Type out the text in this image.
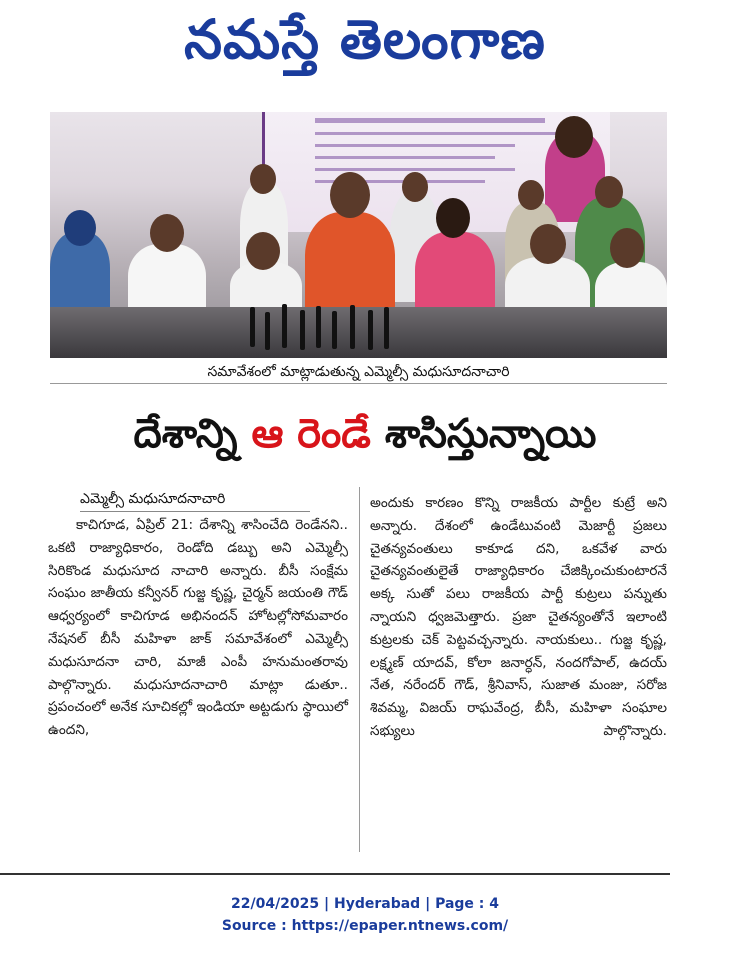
నమస్తే తెలంగాణ
సమావేశంలో మాట్లాడుతున్న ఎమ్మెల్సీ మధుసూదనాచారి
దేశాన్ని ఆ రెండే శాసిస్తున్నాయి
ఎమ్మెల్సీ మధుసూదనాచారి
కాచిగూడ, ఏప్రిల్ 21: దేశాన్ని శాసించేది రెండేనని.. ఒకటి రాజ్యాధికారం, రెండోది డబ్బు అని ఎమ్మెల్సీ సిరికొండ మధుసూద నాచారి అన్నారు. బీసీ సంక్షేమ సంఘం జాతీయ కన్వీనర్ గుజ్జ కృష్ణ, చైర్మన్ జయంతి గౌడ్ ఆధ్వర్యంలో కాచిగూడ అభినందన్ హోటల్లోసోమవారం నేషనల్ బీసీ మహిళా జాక్ సమావేశంలో ఎమ్మెల్సీ మధుసూదనా చారి, మాజీ ఎంపీ హనుమంతరావు పాల్గొన్నారు. మధుసూదనాచారి మాట్లా డుతూ.. ప్రపంచంలో అనేక సూచికల్లో ఇండియా అట్టడుగు స్థాయిలో ఉందని,
అందుకు కారణం కొన్ని రాజకీయ పార్టీల కుట్రే అని అన్నారు. దేశంలో ఉండేటువంటి మెజార్టీ ప్రజలు చైతన్యవంతులు కాకూడ దని, ఒకవేళ వారు చైతన్యవంతులైతే రాజ్యాధికారం చేజిక్కించుకుంటారనే అక్క సుతో పలు రాజకీయ పార్టీ కుట్రలు పన్నుతు న్నాయని ధ్వజమెత్తారు. ప్రజా చైతన్యంతోనే ఇలాంటి కుట్రలకు చెక్ పెట్టవచ్చన్నారు. నాయకులు.. గుజ్జ కృష్ణ, లక్ష్మణ్ యాదవ్, కోలా జనార్ధన్, నందగోపాల్, ఉదయ్ నేత, నరేందర్ గౌడ్, శ్రీనివాస్, సుజాత మంజు, సరోజ శివమ్మ, విజయ్ రాఘవేంద్ర, బీసీ, మహిళా సంఘాల సభ్యులు పాల్గొన్నారు.
22/04/2025 | Hyderabad | Page : 4
Source : https://epaper.ntnews.com/
